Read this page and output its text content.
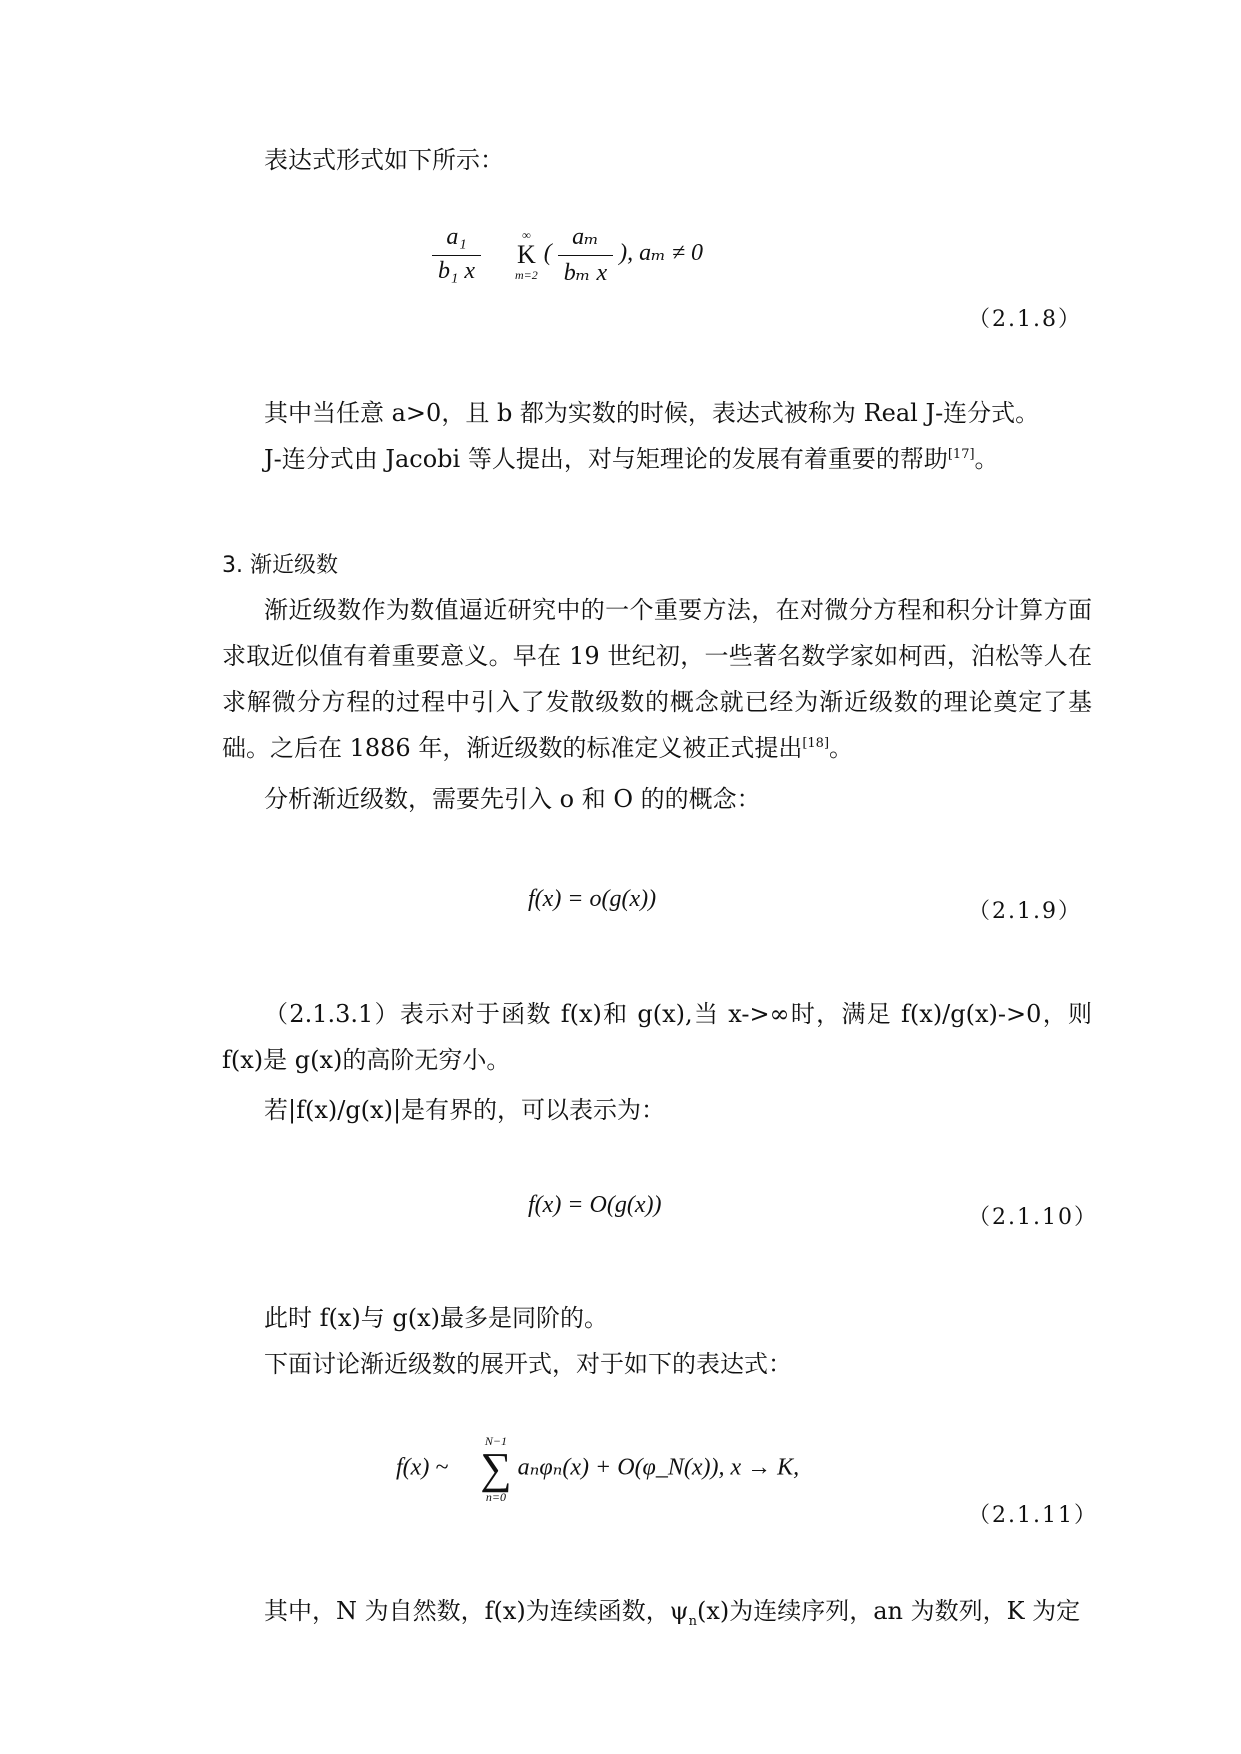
表达式形式如下所示：

$\frac{\text{a₁}}{\text{b₁ x}}$
	∞
K
m=2
( $\frac{\text{aₘ}}{\text{bₘ x}}$ ), aₘ ≠ 0
（2.1.8）

其中当任意 a>0，且 b 都为实数的时候，表达式被称为 Real J-连分式。

J-连分式由 Jacobi 等人提出，对与矩理论的发展有着重要的帮助[17]。

3. 渐近级数

渐近级数作为数值逼近研究中的一个重要方法，在对微分方程和积分计算方面求取近似值有着重要意义。早在 19 世纪初，一些著名数学家如柯西，泊松等人在求解微分方程的过程中引入了发散级数的概念就已经为渐近级数的理论奠定了基础。之后在 1886 年，渐近级数的标准定义被正式提出[18]。

分析渐近级数，需要先引入 o 和 O 的的概念：

f(x) = o(g(x))	（2.1.9）

（2.1.3.1）表示对于函数 f(x)和 g(x),当 x->∞时，满足 f(x)/g(x)->0，则 f(x)是 g(x)的高阶无穷小。

若|f(x)/g(x)|是有界的，可以表示为：

f(x) = O(g(x))	（2.1.10）

此时 f(x)与 g(x)最多是同阶的。

下面讨论渐近级数的展开式，对于如下的表达式：

f(x) ~
N−1
∑
n=0
aₙφₙ(x) + O(φ_N(x)), x → K,
（2.1.11）

其中，N 为自然数，f(x)为连续函数，$\psi_n(x)$为连续序列，an 为数列，K 为定
